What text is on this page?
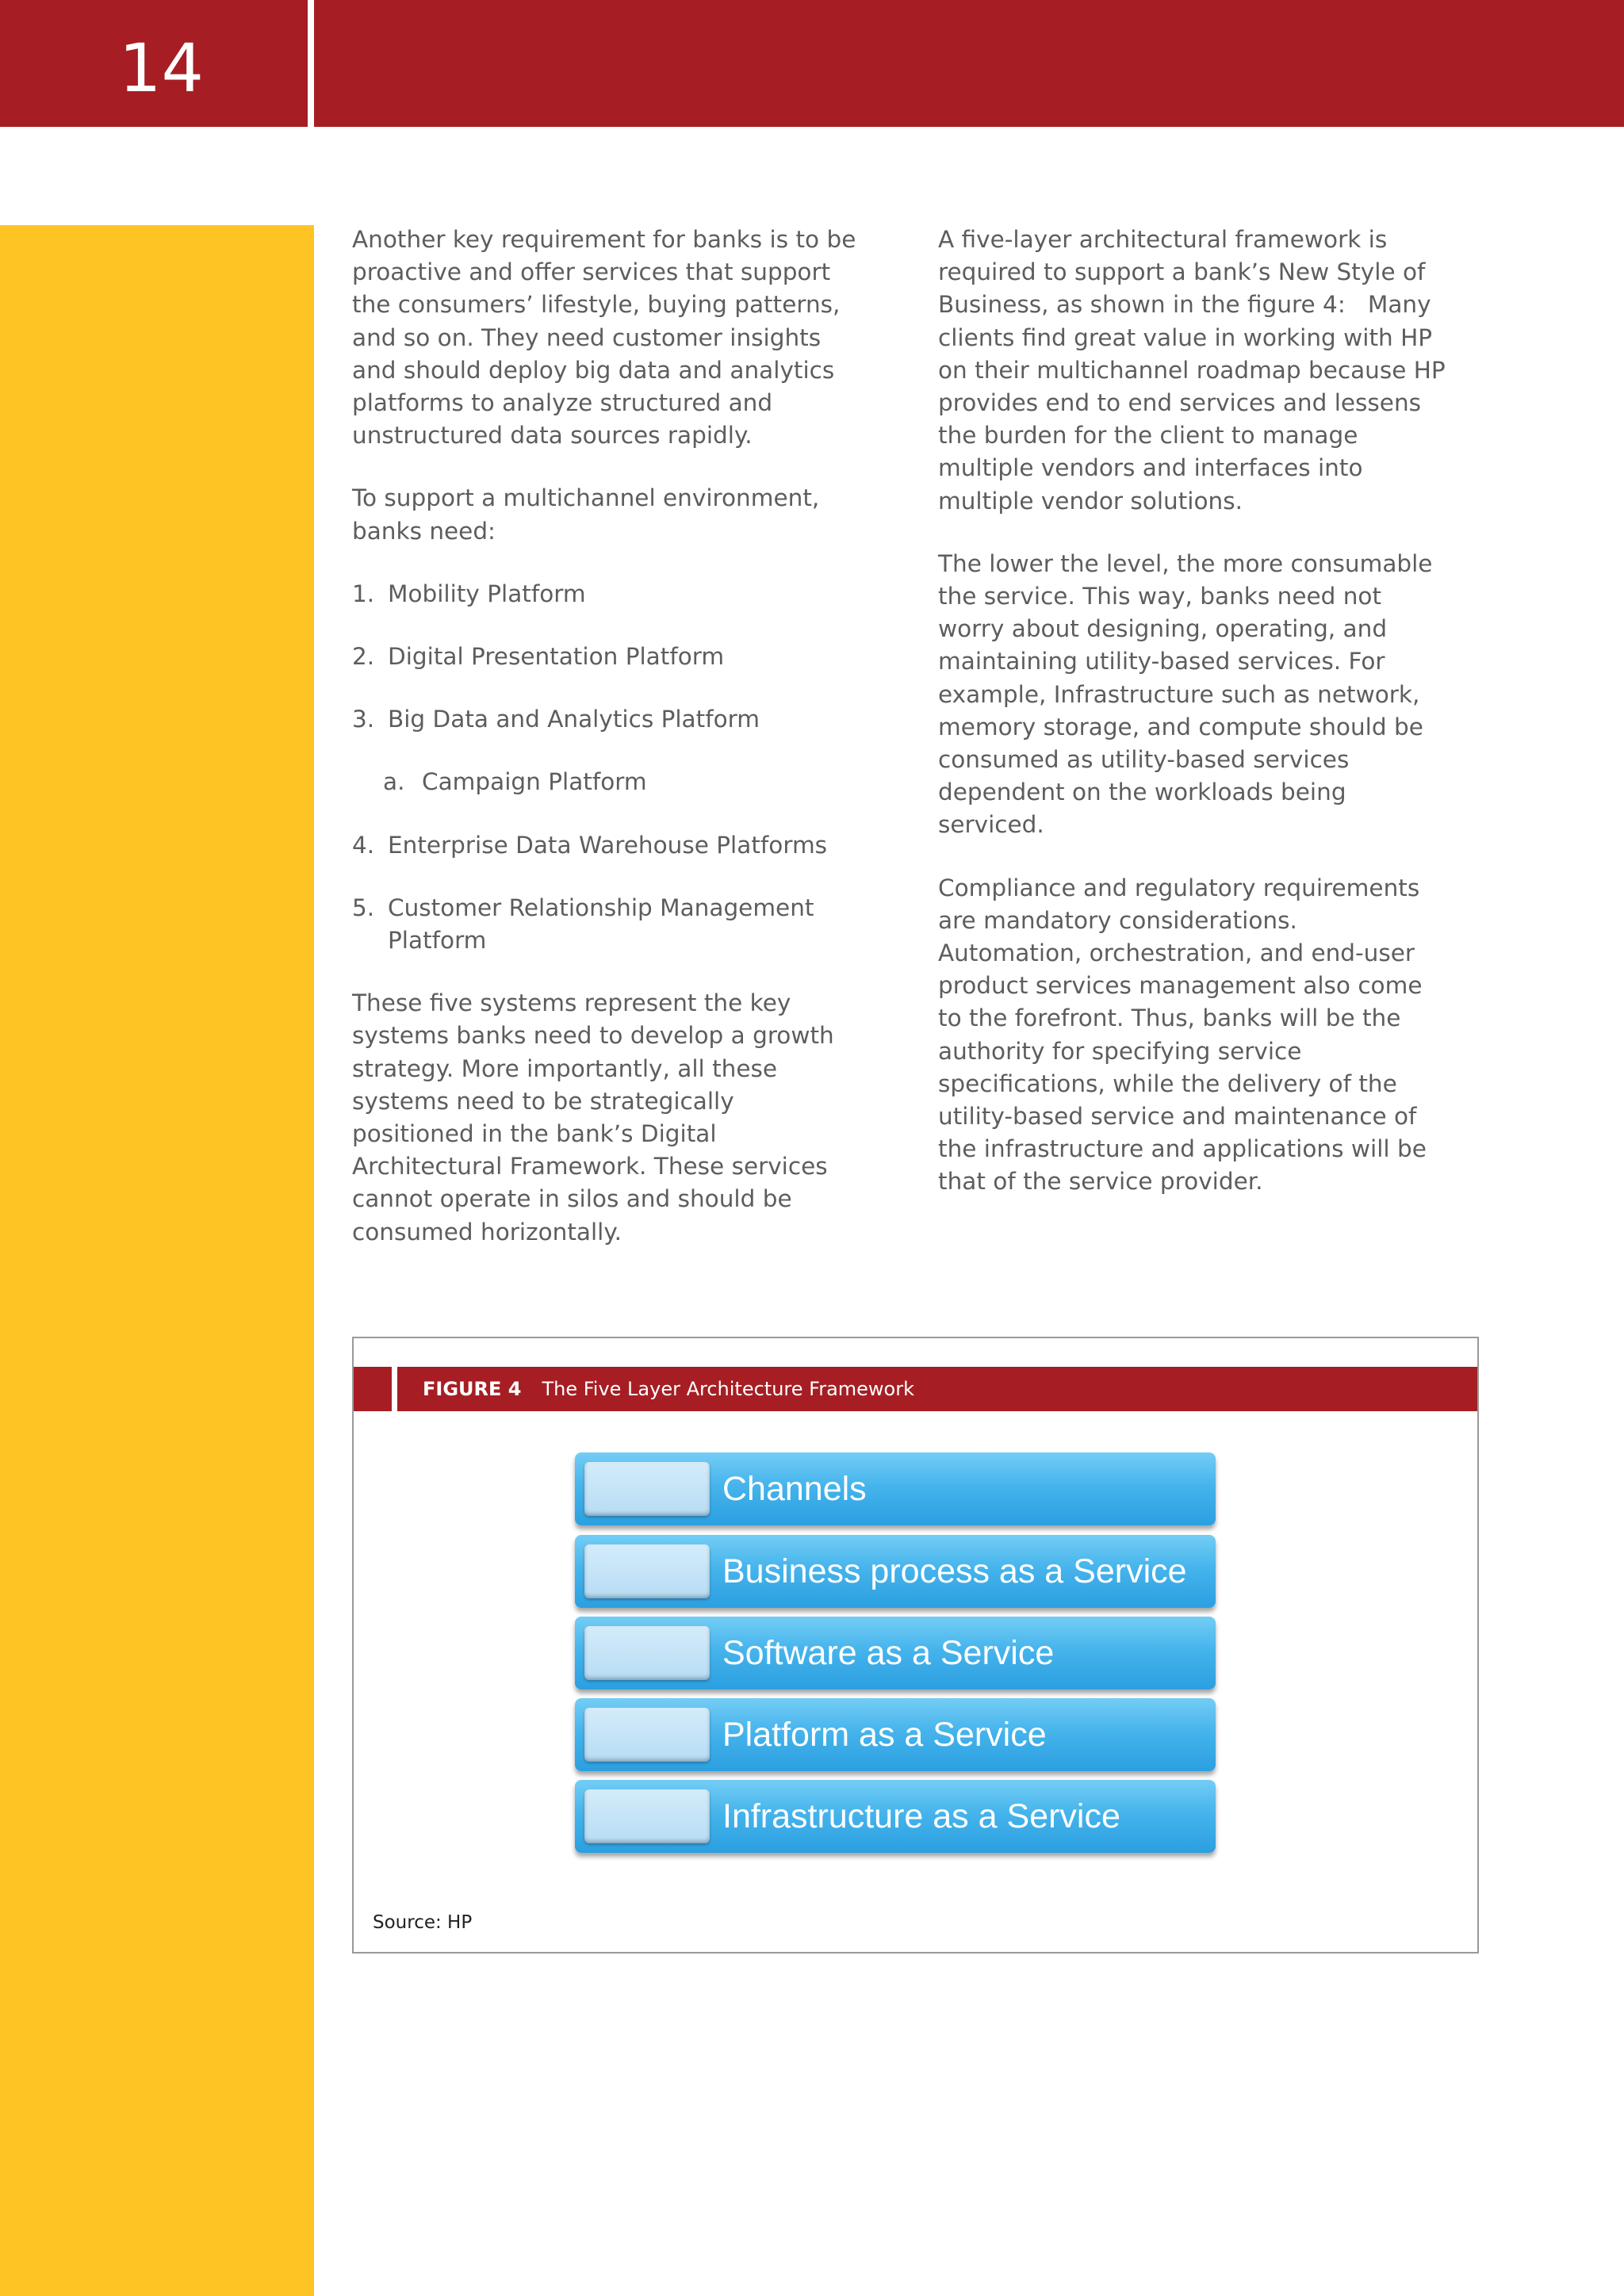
14

Another key requirement for banks is to be proactive and offer services that support the consumers’ lifestyle, buying patterns, and so on. They need customer insights and should deploy big data and analytics platforms to analyze structured and unstructured data sources rapidly.

To support a multichannel environment, banks need:

1. Mobility Platform
2. Digital Presentation Platform
3. Big Data and Analytics Platform
a. Campaign Platform
4. Enterprise Data Warehouse Platforms
5. Customer Relationship Management Platform

These five systems represent the key systems banks need to develop a growth strategy. More importantly, all these systems need to be strategically positioned in the bank’s Digital Architectural Framework. These services cannot operate in silos and should be consumed horizontally.

A five-layer architectural framework is required to support a bank’s New Style of Business, as shown in the figure 4:   Many clients find great value in working with HP on their multichannel roadmap because HP provides end to end services and lessens the burden for the client to manage multiple vendors and interfaces into multiple vendor solutions.

The lower the level, the more consumable the service. This way, banks need not worry about designing, operating, and maintaining utility-based services. For example, Infrastructure such as network, memory storage, and compute should be consumed as utility-based services dependent on the workloads being serviced.

Compliance and regulatory requirements are mandatory considerations. Automation, orchestration, and end-user product services management also come to the forefront. Thus, banks will be the authority for specifying service specifications, while the delivery of the utility-based service and maintenance of the infrastructure and applications will be that of the service provider.

FIGURE 4 The Five Layer Architecture Framework
Source: HP
Channels
Business process as a Service
Software as a Service
Platform as a Service
Infrastructure as a Service
